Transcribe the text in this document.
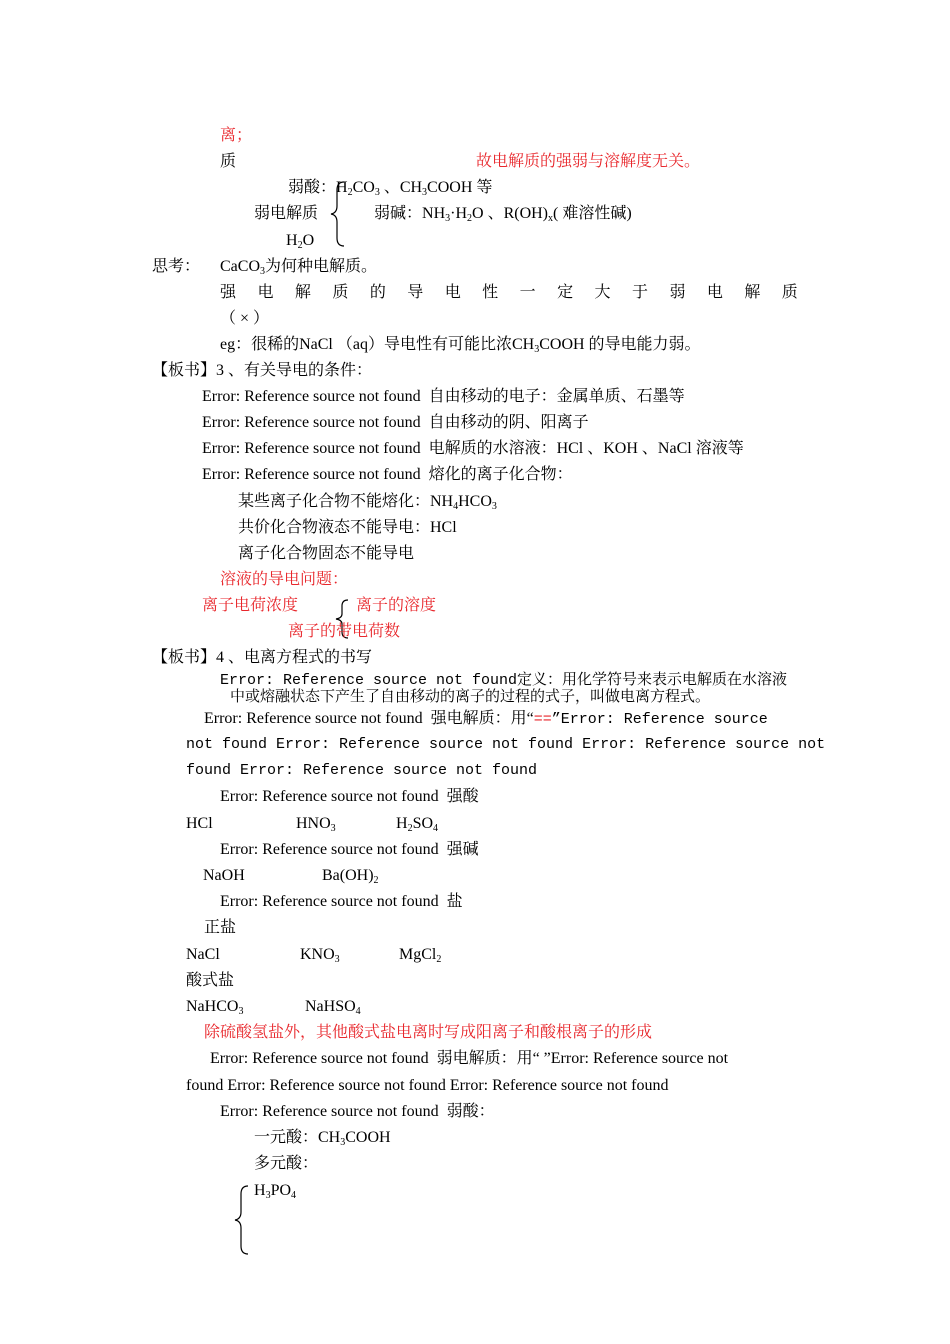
离；
质	故电解质的强弱与溶解度无关。
弱酸：$H_2CO_3$ 、$CH_3COOH$ 等
弱电解质	弱碱：$NH_3\cdot H_2O$ 、$R(OH)_x$( 难溶性碱)
$H_2O$
思考： CaCO$_3$为何种电解质。
强 电 解 质 的 导 电 性 一 定 大 于 弱 电 解 质
（ × ）
eg：很稀的NaCl （aq）导电性有可能比浓$CH_3COOH$ 的导电能力弱。
【板书】3 、有关导电的条件：
Error: Reference source not found 自由移动的电子：金属单质、石墨等
Error: Reference source not found 自由移动的阴、阳离子
Error: Reference source not found 电解质的水溶液：HCl 、KOH 、NaCl 溶液等
Error: Reference source not found 熔化的离子化合物：
某些离子化合物不能熔化：$NH_4HCO_3$
共价化合物液态不能导电：HCl
离子化合物固态不能导电
溶液的导电问题：
离子电荷浓度	离子的溶度
离子的带电荷数
【板书】4 、电离方程式的书写
Error: Reference source not found定义：用化学符号来表示电解质在水溶液
中或熔融状态下产生了自由移动的离子的过程的式子，叫做电离方程式。
Error: Reference source not found 强电解质：用“==”Error: Reference source
not found Error: Reference source not found Error: Reference source not
found Error: Reference source not found
Error: Reference source not found 强酸
HCl	$HNO_3$	$H_2SO_4$
Error: Reference source not found 强碱
NaOH	$Ba(OH)_2$
Error: Reference source not found 盐
正盐
NaCl	$KNO_3$	MgCl$_2$
酸式盐
NaHCO$_3$	NaHSO$_4$
除硫酸氢盐外，其他酸式盐电离时写成阳离子和酸根离子的形成
Error: Reference source not found 弱电解质：用“ ”Error: Reference source not
found Error: Reference source not found Error: Reference source not found
Error: Reference source not found 弱酸：
一元酸：$CH_3COOH$
多元酸：
$H_3PO_4$
